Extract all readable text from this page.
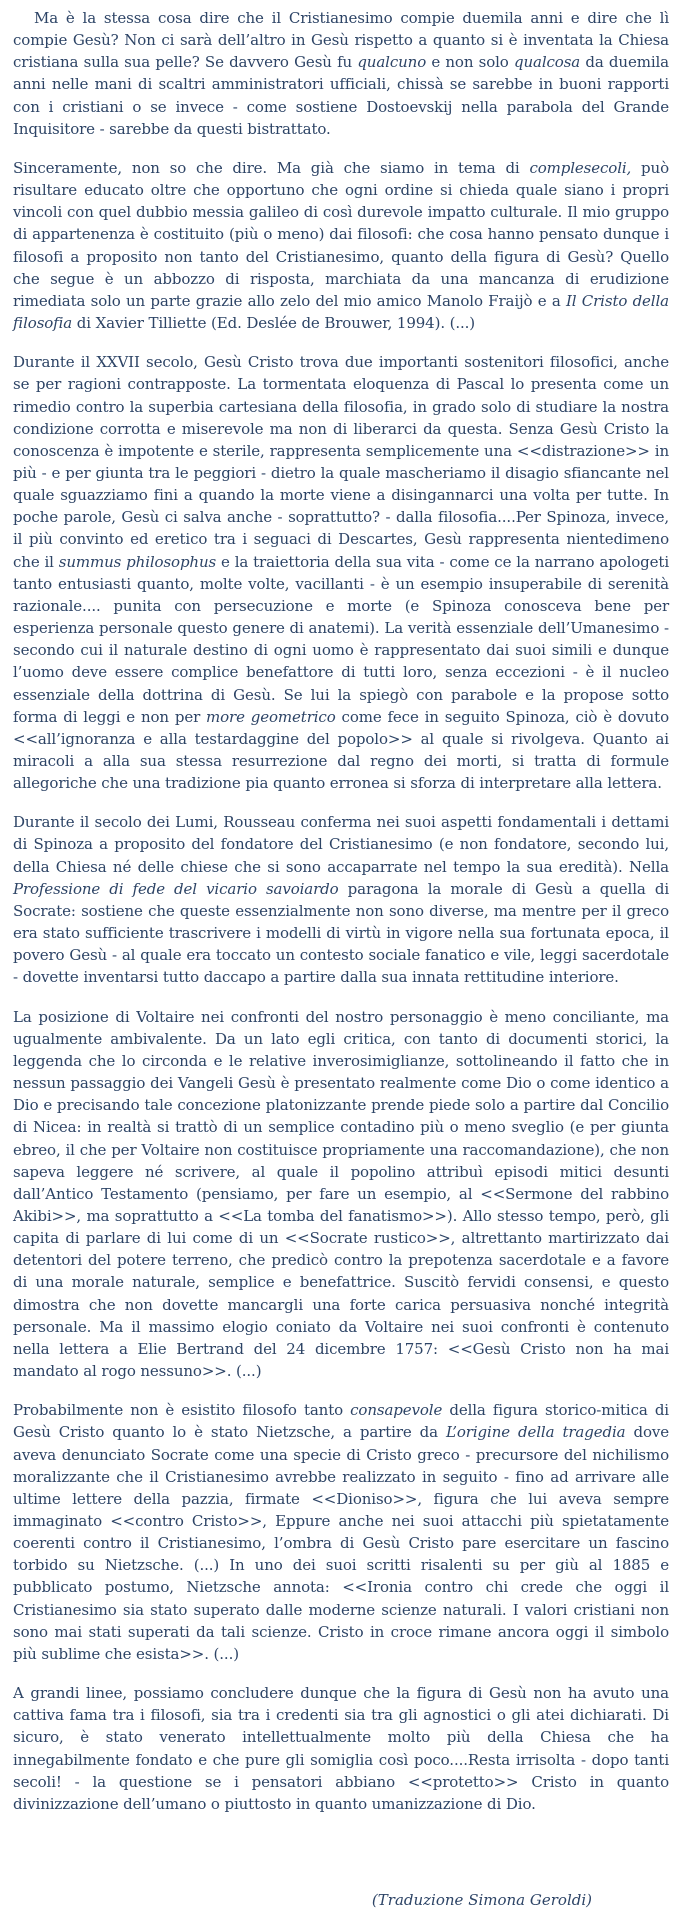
Ma è la stessa cosa dire che il Cristianesimo compie duemila anni e dire che lì compie Gesù? Non ci sarà dell’altro in Gesù rispetto a quanto si è inventata la Chiesa cristiana sulla sua pelle? Se davvero Gesù fu qualcuno e non solo qualcosa da duemila anni nelle mani di scaltri amministratori ufficiali, chissà se sarebbe in buoni rapporti con i cristiani o se invece - come sostiene Dostoevskij nella parabola del Grande Inquisitore - sarebbe da questi bistrattato.

Sinceramente, non so che dire. Ma già che siamo in tema di complesecoli, può risultare educato oltre che opportuno che ogni ordine si chieda quale siano i propri vincoli con quel dubbio messia galileo di così durevole impatto culturale. Il mio gruppo di appartenenza è costituito (più o meno) dai filosofi: che cosa hanno pensato dunque i filosofi a proposito non tanto del Cristianesimo, quanto della figura di Gesù? Quello che segue è un abbozzo di risposta, marchiata da una mancanza di erudizione rimediata solo un parte grazie allo zelo del mio amico Manolo Fraijò e a Il Cristo della filosofia di Xavier Tilliette (Ed. Deslée de Brouwer, 1994). (...)

Durante il XXVII secolo, Gesù Cristo trova due importanti sostenitori filosofici, anche se per ragioni contrapposte. La tormentata eloquenza di Pascal lo presenta come un rimedio contro la superbia cartesiana della filosofia, in grado solo di studiare la nostra condizione corrotta e miserevole ma non di liberarci da questa. Senza Gesù Cristo la conoscenza è impotente e sterile, rappresenta semplicemente una <<distrazione>> in più - e per giunta tra le peggiori - dietro la quale mascheriamo il disagio sfiancante nel quale sguazziamo fini a quando la morte viene a disingannarci una volta per tutte. In poche parole, Gesù ci salva anche - soprattutto? - dalla filosofia....Per Spinoza, invece, il più convinto ed eretico tra i seguaci di Descartes, Gesù rappresenta nientedimeno che il summus philosophus e la traiettoria della sua vita - come ce la narrano apologeti tanto entusiasti quanto, molte volte, vacillanti - è un esempio insuperabile di serenità razionale.... punita con persecuzione e morte (e Spinoza conosceva bene per esperienza personale questo genere di anatemi). La verità essenziale dell’Umanesimo - secondo cui il naturale destino di ogni uomo è rappresentato dai suoi simili e dunque l’uomo deve essere complice benefattore di tutti loro, senza eccezioni - è il nucleo essenziale della dottrina di Gesù. Se lui la spiegò con parabole e la propose sotto forma di leggi e non per more geometrico come fece in seguito Spinoza, ciò è dovuto <<all’ignoranza e alla testardaggine del popolo>> al quale si rivolgeva. Quanto ai miracoli a alla sua stessa resurrezione dal regno dei morti, si tratta di formule allegoriche che una tradizione pia quanto erronea si sforza di interpretare alla lettera.

Durante il secolo dei Lumi, Rousseau conferma nei suoi aspetti fondamentali i dettami di Spinoza a proposito del fondatore del Cristianesimo (e non fondatore, secondo lui, della Chiesa né delle chiese che si sono accaparrate nel tempo la sua eredità). Nella Professione di fede del vicario savoiardo paragona la morale di Gesù a quella di Socrate: sostiene che queste essenzialmente non sono diverse, ma mentre per il greco era stato sufficiente trascrivere i modelli di virtù in vigore nella sua fortunata epoca, il povero Gesù - al quale era toccato un contesto sociale fanatico e vile, leggi sacerdotale - dovette inventarsi tutto daccapo a partire dalla sua innata rettitudine interiore.

La posizione di Voltaire nei confronti del nostro personaggio è meno conciliante, ma ugualmente ambivalente. Da un lato egli critica, con tanto di documenti storici, la leggenda che lo circonda e le relative inverosimiglianze, sottolineando il fatto che in nessun passaggio dei Vangeli Gesù è presentato realmente come Dio o come identico a Dio e precisando tale concezione platonizzante prende piede solo a partire dal Concilio di Nicea: in realtà si trattò di un semplice contadino più o meno sveglio (e per giunta ebreo, il che per Voltaire non costituisce propriamente una raccomandazione), che non sapeva leggere né scrivere, al quale il popolino attribuì episodi mitici desunti dall’Antico Testamento (pensiamo, per fare un esempio, al <<Sermone del rabbino Akibi>>, ma soprattutto a <<La tomba del fanatismo>>). Allo stesso tempo, però, gli capita di parlare di lui come di un <<Socrate rustico>>, altrettanto martirizzato dai detentori del potere terreno, che predicò contro la prepotenza sacerdotale e a favore di una morale naturale, semplice e benefattrice. Suscitò fervidi consensi, e questo dimostra che non dovette mancargli una forte carica persuasiva nonché integrità personale. Ma il massimo elogio coniato da Voltaire nei suoi confronti è contenuto nella lettera a Elie Bertrand del 24 dicembre 1757: <<Gesù Cristo non ha mai mandato al rogo nessuno>>. (...)

Probabilmente non è esistito filosofo tanto consapevole della figura storico-mitica di Gesù Cristo quanto lo è stato Nietzsche, a partire da L’origine della tragedia dove aveva denunciato Socrate come una specie di Cristo greco - precursore del nichilismo moralizzante che il Cristianesimo avrebbe realizzato in seguito - fino ad arrivare alle ultime lettere della pazzia, firmate <<Dioniso>>, figura che lui aveva sempre immaginato <<contro Cristo>>, Eppure anche nei suoi attacchi più spietatamente coerenti contro il Cristianesimo, l’ombra di Gesù Cristo pare esercitare un fascino torbido su Nietzsche. (...) In uno dei suoi scritti risalenti su per giù al 1885 e pubblicato postumo, Nietzsche annota: <<Ironia contro chi crede che oggi il Cristianesimo sia stato superato dalle moderne scienze naturali. I valori cristiani non sono mai stati superati da tali scienze. Cristo in croce rimane ancora oggi il simbolo più sublime che esista>>. (...)

A grandi linee, possiamo concludere dunque che la figura di Gesù non ha avuto una cattiva fama tra i filosofi, sia tra i credenti sia tra gli agnostici o gli atei dichiarati. Di sicuro, è stato venerato intellettualmente molto più della Chiesa che ha innegabilmente fondato e che pure gli somiglia così poco....Resta irrisolta - dopo tanti secoli! - la questione se i pensatori abbiano <<protetto>> Cristo in quanto divinizzazione dell’umano o piuttosto in quanto umanizzazione di Dio.

(Traduzione Simona Geroldi)
